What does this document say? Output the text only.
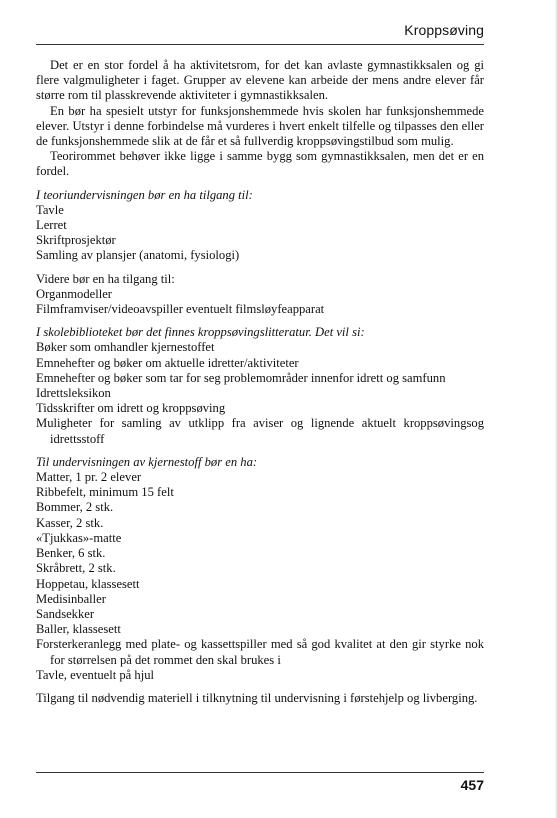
Kroppsøving

Det er en stor fordel å ha aktivitetsrom, for det kan avlaste gymnastikksalen og gi flere valgmuligheter i faget. Grupper av elevene kan arbeide der mens andre elever får større rom til plasskrevende aktiviteter i gymnastikksalen.

En bør ha spesielt utstyr for funksjonshemmede hvis skolen har funksjonshemmede elever. Utstyr i denne forbindelse må vurderes i hvert enkelt tilfelle og tilpasses den eller de funksjonshemmede slik at de får et så fullverdig kroppsøvingstilbud som mulig.

Teorirommet behøver ikke ligge i samme bygg som gymnastikksalen, men det er en fordel.

I teoriundervisningen bør en ha tilgang til:
Tavle
Lerret
Skriftprosjektør
Samling av plansjer (anatomi, fysiologi)
Videre bør en ha tilgang til:
Organmodeller
Filmframviser/videoavspiller eventuelt filmsløyfeapparat
I skolebiblioteket bør det finnes kroppsøvingslitteratur. Det vil si:
Bøker som omhandler kjernestoffet
Emnehefter og bøker om aktuelle idretter/aktiviteter
Emnehefter og bøker som tar for seg problemområder innenfor idrett og samfunn
Idrettsleksikon
Tidsskrifter om idrett og kroppsøving
Muligheter for samling av utklipp fra aviser og lignende aktuelt kroppsøvingsog idrettsstoff
Til undervisningen av kjernestoff bør en ha:
Matter, 1 pr. 2 elever
Ribbefelt, minimum 15 felt
Bommer, 2 stk.
Kasser, 2 stk.
«Tjukkas»-matte
Benker, 6 stk.
Skråbrett, 2 stk.
Hoppetau, klassesett
Medisinballer
Sandsekker
Baller, klassesett
Forsterkeranlegg med plate- og kassettspiller med så god kvalitet at den gir styrke nok for størrelsen på det rommet den skal brukes i
Tavle, eventuelt på hjul

Tilgang til nødvendig materiell i tilknytning til undervisning i førstehjelp og livberging.

457
